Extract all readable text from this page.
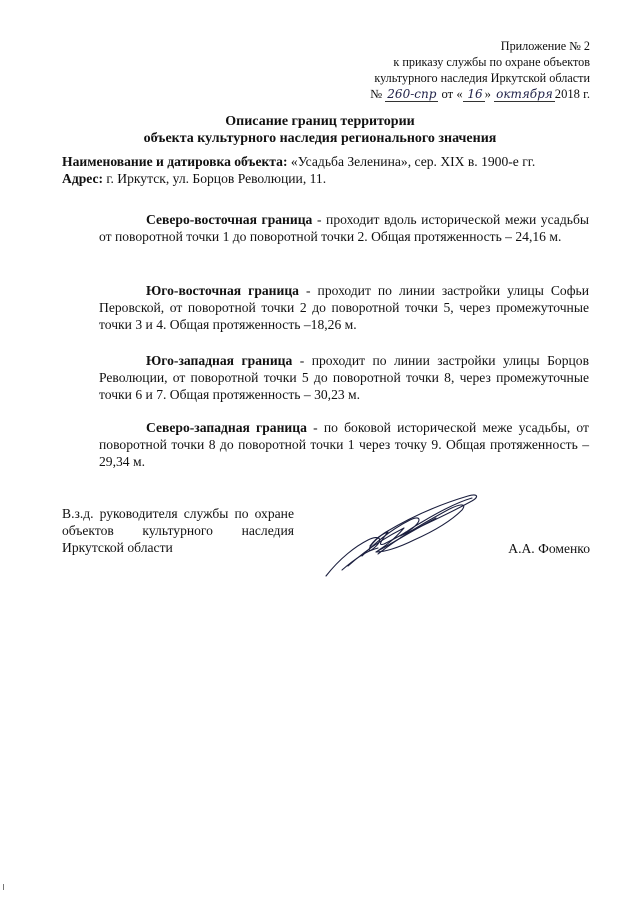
Приложение № 2
к приказу службы по охране объектов
культурного наследия Иркутской области
№ 260-спр от « 16 » октября 2018 г.
Описание границ территории
объекта культурного наследия регионального значения
Наименование и датировка объекта: «Усадьба Зеленина», сер. XIX в. 1900-е гг.
Адрес: г. Иркутск, ул. Борцов Революции, 11.
Северо-восточная граница - проходит вдоль исторической межи усадьбы от поворотной точки 1 до поворотной точки 2. Общая протяженность – 24,16 м.
Юго-восточная граница - проходит по линии застройки улицы Софьи Перовской, от поворотной точки 2 до поворотной точки 5, через промежуточные точки 3 и 4. Общая протяженность –18,26 м.
Юго-западная граница - проходит по линии застройки улицы Борцов Революции, от поворотной точки 5 до поворотной точки 8, через промежуточные точки 6 и 7. Общая протяженность – 30,23 м.
Северо-западная граница - по боковой исторической меже усадьбы, от поворотной точки 8 до поворотной точки 1 через точку 9. Общая протяженность – 29,34 м.
В.з.д. руководителя службы по охране объектов культурного наследия Иркутской области	А.А. Фоменко
